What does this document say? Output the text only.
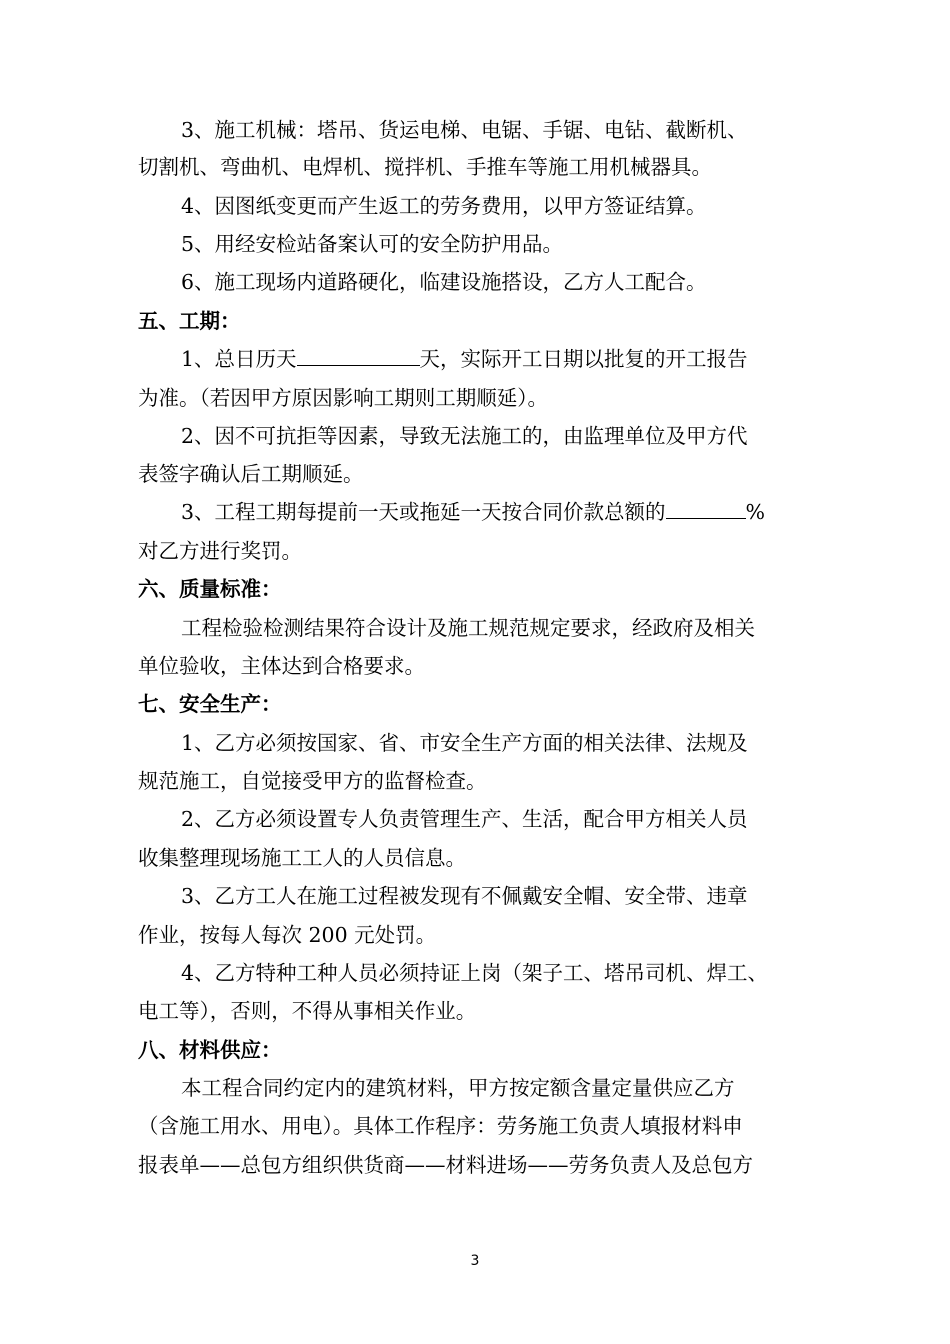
3、施工机械：塔吊、货运电梯、电锯、手锯、电钻、截断机、

切割机、弯曲机、电焊机、搅拌机、手推车等施工用机械器具。

4、因图纸变更而产生返工的劳务费用，以甲方签证结算。

5、用经安检站备案认可的安全防护用品。

6、施工现场内道路硬化，临建设施搭设，乙方人工配合。

五、工期：

1、总日历天	天，实际开工日期以批复的开工报告

为准。（若因甲方原因影响工期则工期顺延）。

2、因不可抗拒等因素，导致无法施工的，由监理单位及甲方代

表签字确认后工期顺延。

3、工程工期每提前一天或拖延一天按合同价款总额的	%

对乙方进行奖罚。

六、质量标准：

工程检验检测结果符合设计及施工规范规定要求，经政府及相关

单位验收，主体达到合格要求。

七、安全生产：

1、乙方必须按国家、省、市安全生产方面的相关法律、法规及

规范施工，自觉接受甲方的监督检查。

2、乙方必须设置专人负责管理生产、生活，配合甲方相关人员

收集整理现场施工工人的人员信息。

3、乙方工人在施工过程被发现有不佩戴安全帽、安全带、违章

作业，按每人每次 200 元处罚。

4、乙方特种工种人员必须持证上岗（架子工、塔吊司机、焊工、

电工等），否则，不得从事相关作业。

八、材料供应：

本工程合同约定内的建筑材料，甲方按定额含量定量供应乙方

（含施工用水、用电）。具体工作程序：劳务施工负责人填报材料申

报表单——总包方组织供货商——材料进场——劳务负责人及总包方

3
